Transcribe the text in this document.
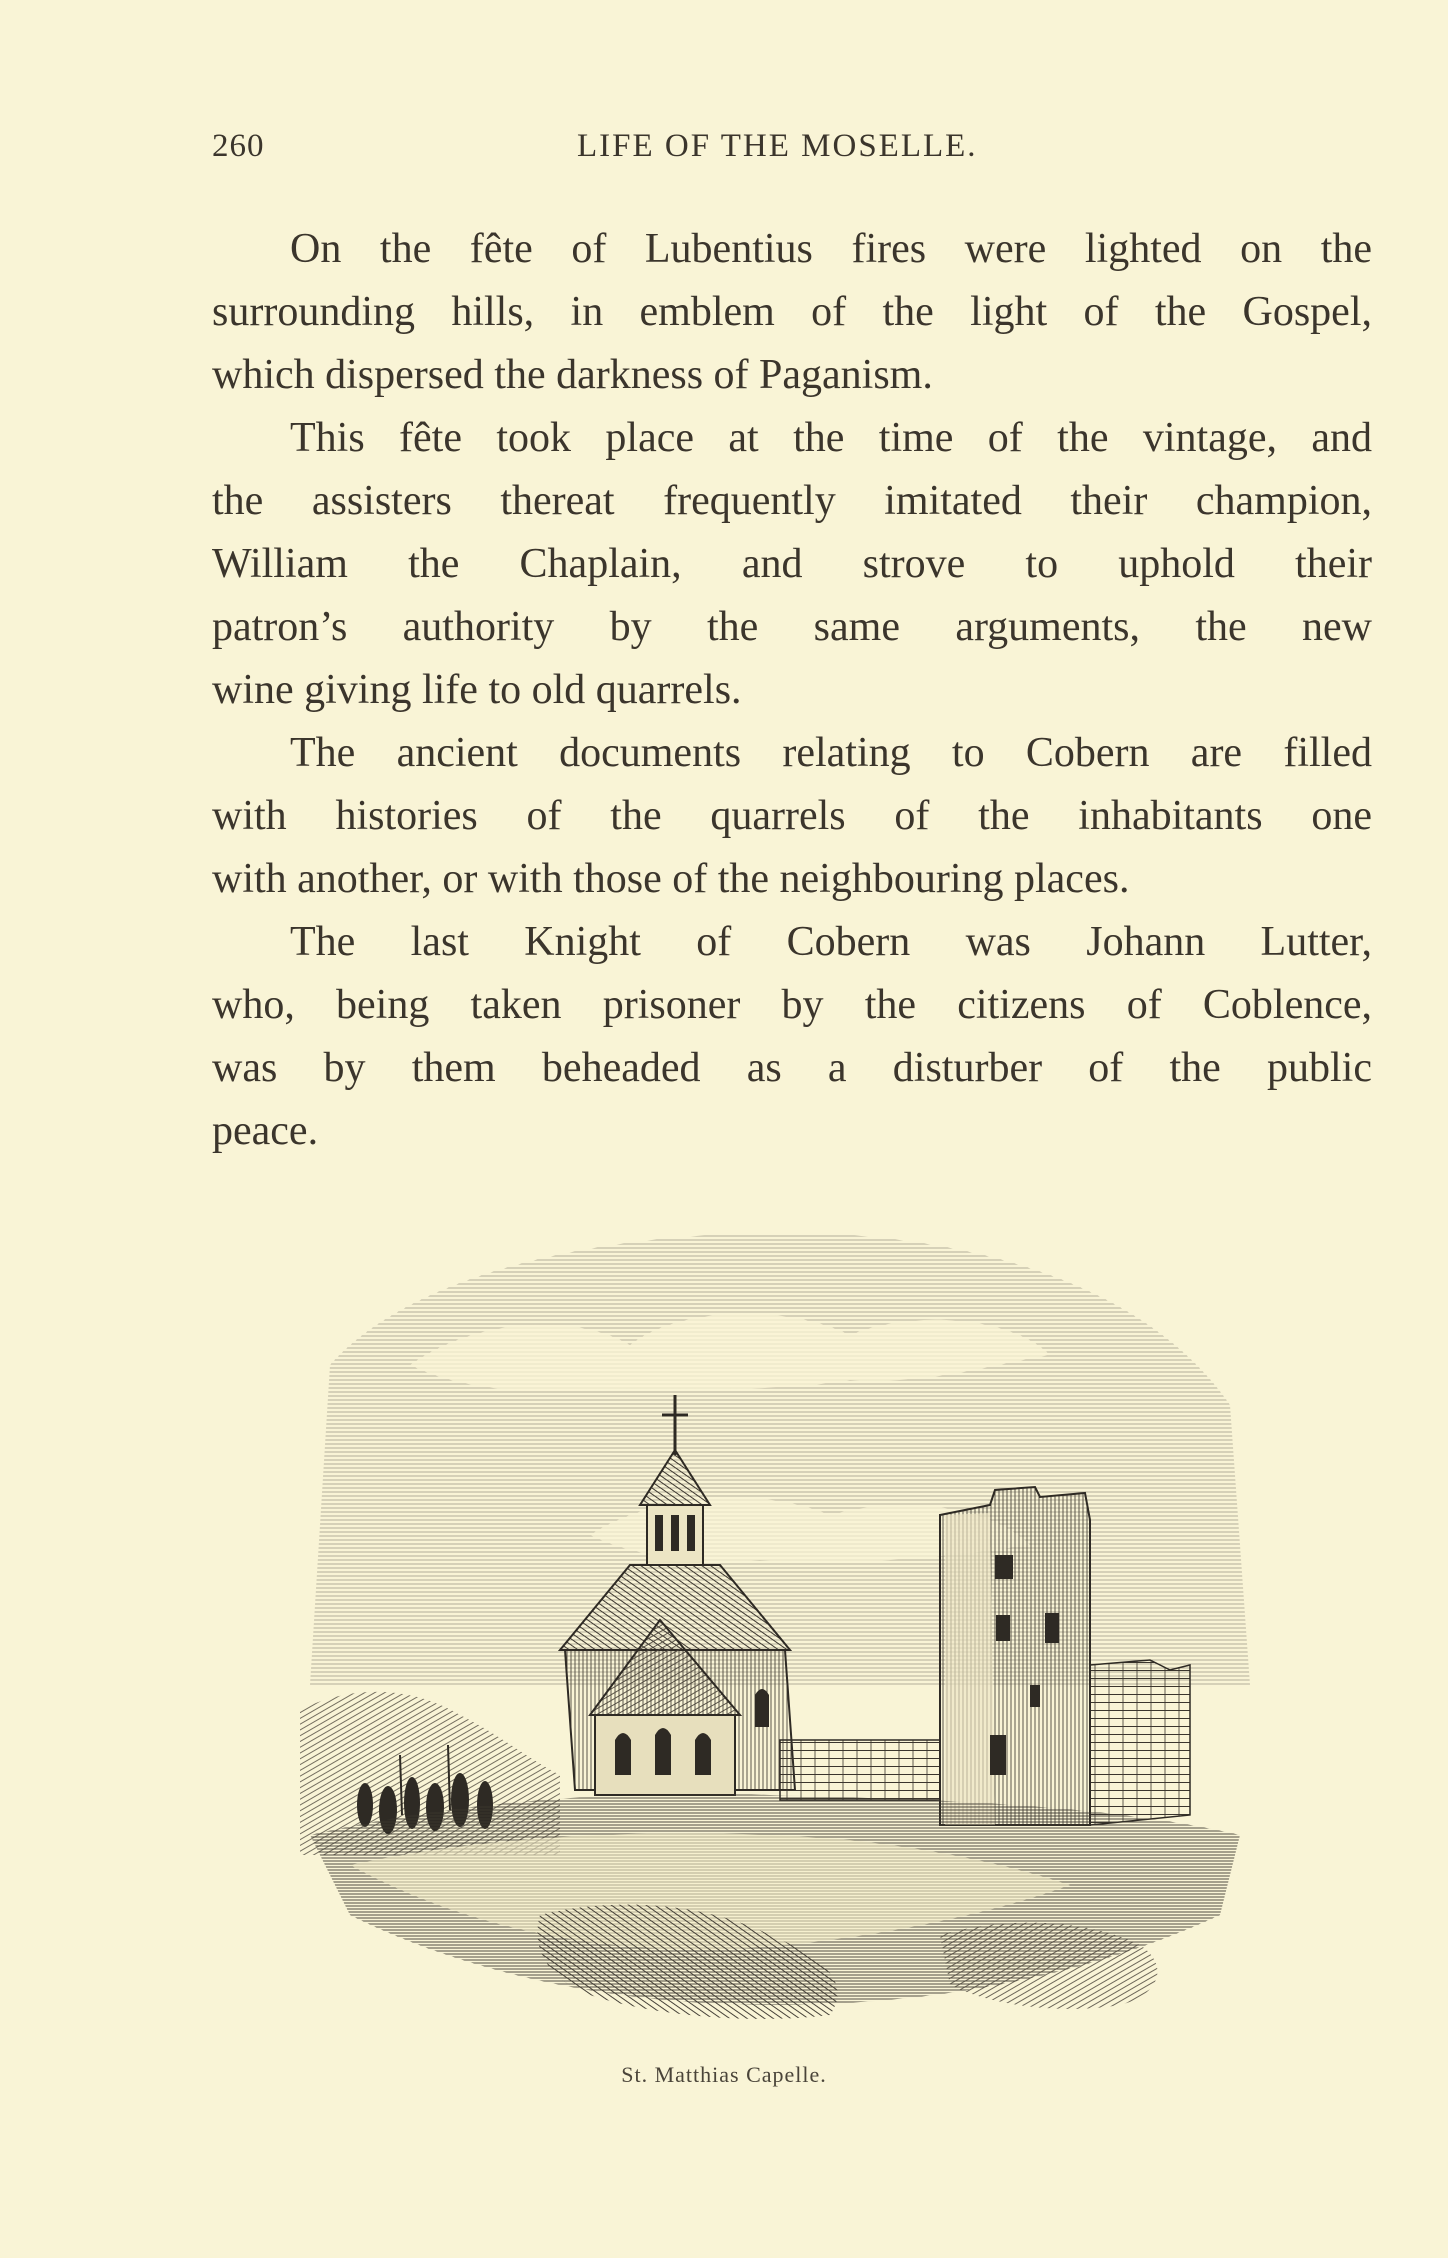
260	LIFE OF THE MOSELLE.
On the fête of Lubentius fires were lighted on the
surrounding hills, in emblem of the light of the Gospel,
which dispersed the darkness of Paganism.
This fête took place at the time of the vintage, and
the assisters thereat frequently imitated their champion,
William the Chaplain, and strove to uphold their
patron’s authority by the same arguments, the new
wine giving life to old quarrels.
The ancient documents relating to Cobern are filled
with histories of the quarrels of the inhabitants one
with another, or with those of the neighbouring places.
The last Knight of Cobern was Johann Lutter,
who, being taken prisoner by the citizens of Coblence,
was by them beheaded as a disturber of the public
peace.
St. Matthias Capelle.
